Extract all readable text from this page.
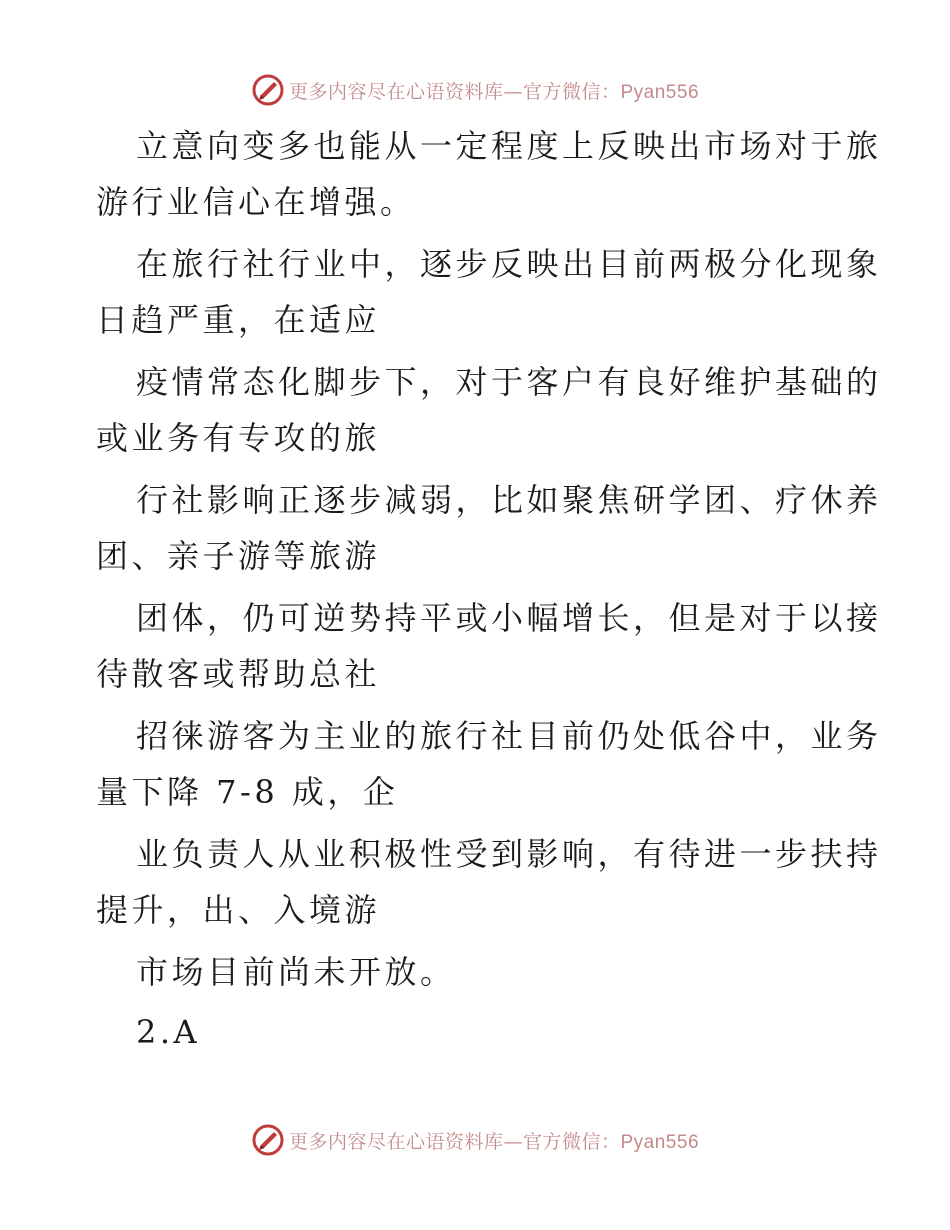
更多内容尽在心语资料库—官方微信：Pyan556
立意向变多也能从一定程度上反映出市场对于旅
游行业信心在增强。
在旅行社行业中，逐步反映出目前两极分化现象
日趋严重，在适应
疫情常态化脚步下，对于客户有良好维护基础的
或业务有专攻的旅
行社影响正逐步减弱，比如聚焦研学团、疗休养
团、亲子游等旅游
团体，仍可逆势持平或小幅增长，但是对于以接
待散客或帮助总社
招徕游客为主业的旅行社目前仍处低谷中，业务
量下降 7-8 成，企
业负责人从业积极性受到影响，有待进一步扶持
提升，出、入境游
市场目前尚未开放。
2.A
更多内容尽在心语资料库—官方微信：Pyan556
